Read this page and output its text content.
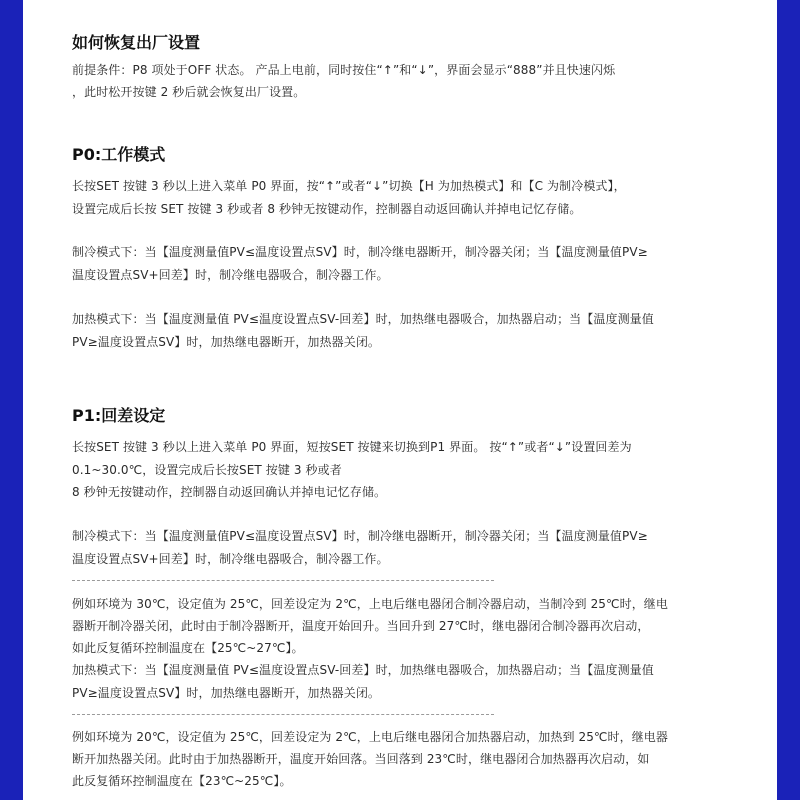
如何恢复出厂设置
前提条件：P8 项处于OFF 状态。 产品上电前，同时按住“↑”和“↓”，界面会显示“888”并且快速闪烁
，此时松开按键 2 秒后就会恢复出厂设置。
P0:工作模式
长按SET 按键 3 秒以上进入菜单 P0 界面，按“↑”或者“↓”切换【H 为加热模式】和【C 为制冷模式】，
设置完成后长按 SET 按键 3 秒或者 8 秒钟无按键动作，控制器自动返回确认并掉电记忆存储。
制冷模式下：当【温度测量值PV≤温度设置点SV】时，制冷继电器断开，制冷器关闭；当【温度测量值PV≥
温度设置点SV+回差】时，制冷继电器吸合，制冷器工作。
加热模式下：当【温度测量值 PV≤温度设置点SV-回差】时，加热继电器吸合，加热器启动；当【温度测量值
PV≥温度设置点SV】时，加热继电器断开，加热器关闭。
P1:回差设定
长按SET 按键 3 秒以上进入菜单 P0 界面，短按SET 按键来切换到P1 界面。 按“↑”或者“↓”设置回差为
0.1~30.0℃，设置完成后长按SET 按键 3 秒或者
8 秒钟无按键动作，控制器自动返回确认并掉电记忆存储。
制冷模式下：当【温度测量值PV≤温度设置点SV】时，制冷继电器断开，制冷器关闭；当【温度测量值PV≥
温度设置点SV+回差】时，制冷继电器吸合，制冷器工作。
例如环境为 30℃，设定值为 25℃，回差设定为 2℃，上电后继电器闭合制冷器启动，当制冷到 25℃时，继电
器断开制冷器关闭，此时由于制冷器断开，温度开始回升。当回升到 27℃时，继电器闭合制冷器再次启动，
如此反复循环控制温度在【25℃~27℃】。
加热模式下：当【温度测量值 PV≤温度设置点SV-回差】时，加热继电器吸合，加热器启动；当【温度测量值
PV≥温度设置点SV】时，加热继电器断开，加热器关闭。
例如环境为 20℃，设定值为 25℃，回差设定为 2℃，上电后继电器闭合加热器启动，加热到 25℃时，继电器
断开加热器关闭。此时由于加热器断开，温度开始回落。当回落到 23℃时，继电器闭合加热器再次启动，如
此反复循环控制温度在【23℃~25℃】。
